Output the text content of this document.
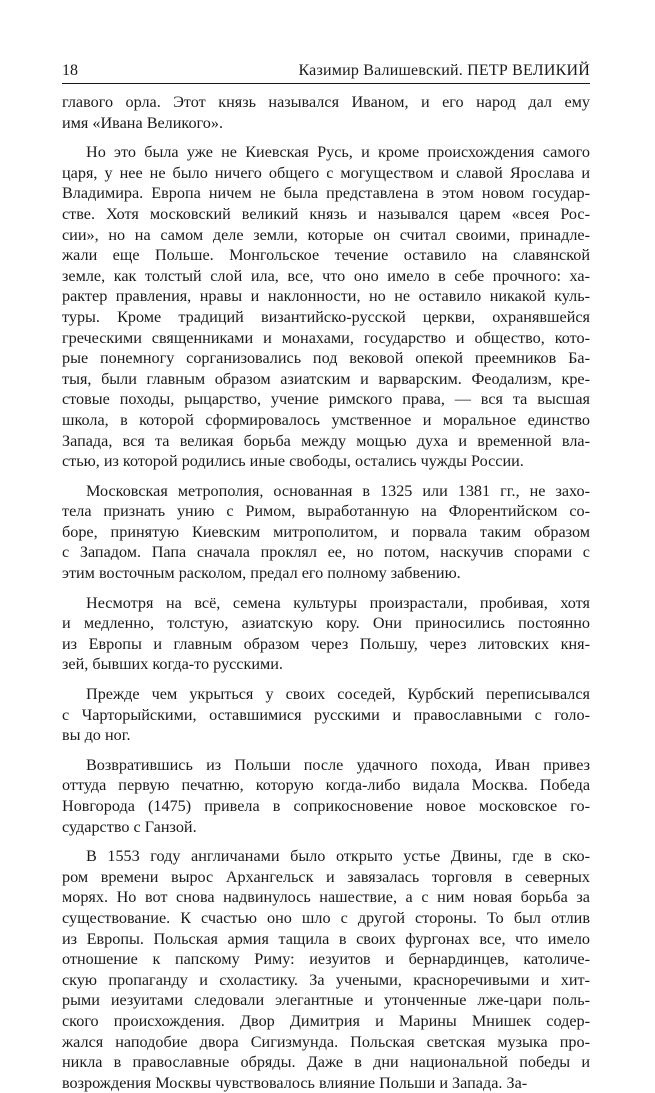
18	Казимир Валишевский. ПЕТР ВЕЛИКИЙ

главого орла. Этот князь назывался Иваном, и его народ дал ему
имя «Ивана Великого».

Но это была уже не Киевская Русь, и кроме происхождения самого
царя, у нее не было ничего общего с могуществом и славой Ярослава и
Владимира. Европа ничем не была представлена в этом новом государ-
стве. Хотя московский великий князь и назывался царем «всея Рос-
сии», но на самом деле земли, которые он считал своими, принадле-
жали еще Польше. Монгольское течение оставило на славянской
земле, как толстый слой ила, все, что оно имело в себе прочного: ха-
рактер правления, нравы и наклонности, но не оставило никакой куль-
туры. Кроме традиций византийско-русской церкви, охранявшейся
греческими священниками и монахами, государство и общество, кото-
рые понемногу сорганизовались под вековой опекой преемников Ба-
тыя, были главным образом азиатским и варварским. Феодализм, кре-
стовые походы, рыцарство, учение римского права, — вся та высшая
школа, в которой сформировалось умственное и моральное единство
Запада, вся та великая борьба между мощью духа и временной вла-
стью, из которой родились иные свободы, остались чужды России.

Московская метрополия, основанная в 1325 или 1381 гг., не захо-
тела признать унию с Римом, выработанную на Флорентийском со-
боре, принятую Киевским митрополитом, и порвала таким образом
с Западом. Папа сначала проклял ее, но потом, наскучив спорами с
этим восточным расколом, предал его полному забвению.

Несмотря на всё, семена культуры произрастали, пробивая, хотя
и медленно, толстую, азиатскую кору. Они приносились постоянно
из Европы и главным образом через Польшу, через литовских кня-
зей, бывших когда-то русскими.

Прежде чем укрыться у своих соседей, Курбский переписывался
с Чарторыйскими, оставшимися русскими и православными с голо-
вы до ног.

Возвратившись из Польши после удачного похода, Иван привез
оттуда первую печатню, которую когда-либо видала Москва. Победа
Новгорода (1475) привела в соприкосновение новое московское го-
сударство с Ганзой.

В 1553 году англичанами было открыто устье Двины, где в ско-
ром времени вырос Архангельск и завязалась торговля в северных
морях. Но вот снова надвинулось нашествие, а с ним новая борьба за
существование. К счастью оно шло с другой стороны. То был отлив
из Европы. Польская армия тащила в своих фургонах все, что имело
отношение к папскому Риму: иезуитов и бернардинцев, католиче-
скую пропаганду и схоластику. За учеными, красноречивыми и хит-
рыми иезуитами следовали элегантные и утонченные лже-цари поль-
ского происхождения. Двор Димитрия и Марины Мнишек содер-
жался наподобие двора Сигизмунда. Польская светская музыка про-
никла в православные обряды. Даже в дни национальной победы и
возрождения Москвы чувствовалось влияние Польши и Запада. За-
